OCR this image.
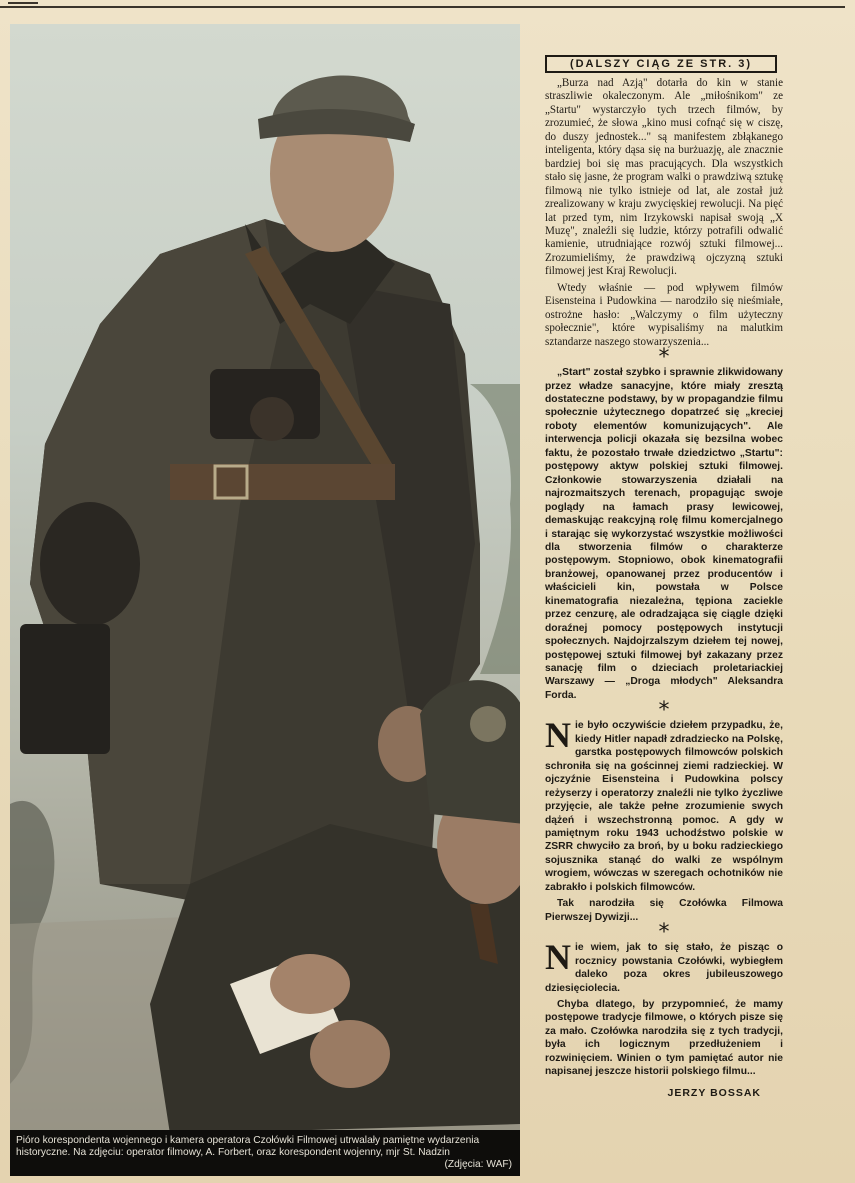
Pióro korespondenta wojennego i kamera operatora Czołówki Filmowej utrwalały pamiętne wydarzenia historyczne. Na zdjęciu: operator filmowy, A. Forbert, oraz korespondent wojenny, mjr St. Nadzin
(Zdjęcia: WAF)
(DALSZY CIĄG ZE STR. 3)

„Burza nad Azją" dotarła do kin w stanie straszliwie okaleczonym. Ale „miłośnikom" ze „Startu" wystarczyło tych trzech filmów, by zrozumieć, że słowa „kino musi cofnąć się w ciszę, do duszy jednostek..." są manifestem zbłąkanego inteligenta, który dąsa się na burżuazję, ale znacznie bardziej boi się mas pracujących. Dla wszystkich stało się jasne, że program walki o prawdziwą sztukę filmową nie tylko istnieje od lat, ale został już zrealizowany w kraju zwycięskiej rewolucji. Na pięć lat przed tym, nim Irzykowski napisał swoją „X Muzę", znaleźli się ludzie, którzy potrafili odwalić kamienie, utrudniające rozwój sztuki filmowej... Zrozumieliśmy, że prawdziwą ojczyzną sztuki filmowej jest Kraj Rewolucji.

Wtedy właśnie — pod wpływem filmów Eisensteina i Pudowkina — narodziło się nieśmiałe, ostrożne hasło: „Walczymy o film użyteczny społecznie", które wypisaliśmy na malutkim sztandarze naszego stowarzyszenia...

*

„Start" został szybko i sprawnie zlikwidowany przez władze sanacyjne, które miały zresztą dostateczne podstawy, by w propagandzie filmu społecznie użytecznego dopatrzeć się „kreciej roboty elementów komunizujących". Ale interwencja policji okazała się bezsilna wobec faktu, że pozostało trwałe dziedzictwo „Startu": postępowy aktyw polskiej sztuki filmowej. Członkowie stowarzyszenia działali na najrozmaitszych terenach, propagując swoje poglądy na łamach prasy lewicowej, demaskując reakcyjną rolę filmu komercjalnego i starając się wykorzystać wszystkie możliwości dla stworzenia filmów o charakterze postępowym. Stopniowo, obok kinematografii branżowej, opanowanej przez producentów i właścicieli kin, powstała w Polsce kinematografia niezależna, tępiona zaciekle przez cenzurę, ale odradzająca się ciągle dzięki doraźnej pomocy postępowych instytucji społecznych. Najdojrzalszym dziełem tej nowej, postępowej sztuki filmowej był zakazany przez sanację film o dzieciach proletariackiej Warszawy — „Droga młodych" Aleksandra Forda.

*

Nie było oczywiście dziełem przypadku, że, kiedy Hitler napadł zdradziecko na Polskę, garstka postępowych filmowców polskich schroniła się na gościnnej ziemi radzieckiej. W ojczyźnie Eisensteina i Pudowkina polscy reżyserzy i operatorzy znaleźli nie tylko życzliwe przyjęcie, ale także pełne zrozumienie swych dążeń i wszechstronną pomoc. A gdy w pamiętnym roku 1943 uchodźstwo polskie w ZSRR chwyciło za broń, by u boku radzieckiego sojusznika stanąć do walki ze wspólnym wrogiem, wówczas w szeregach ochotników nie zabrakło i polskich filmowców.

Tak narodziła się Czołówka Filmowa Pierwszej Dywizji...

*

Nie wiem, jak to się stało, że pisząc o rocznicy powstania Czołówki, wybiegłem daleko poza okres jubileuszowego dziesięciolecia.

Chyba dlatego, by przypomnieć, że mamy postępowe tradycje filmowe, o których pisze się za mało. Czołówka narodziła się z tych tradycji, była ich logicznym przedłużeniem i rozwinięciem. Winien o tym pamiętać autor nie napisanej jeszcze historii polskiego filmu...

JERZY BOSSAK
